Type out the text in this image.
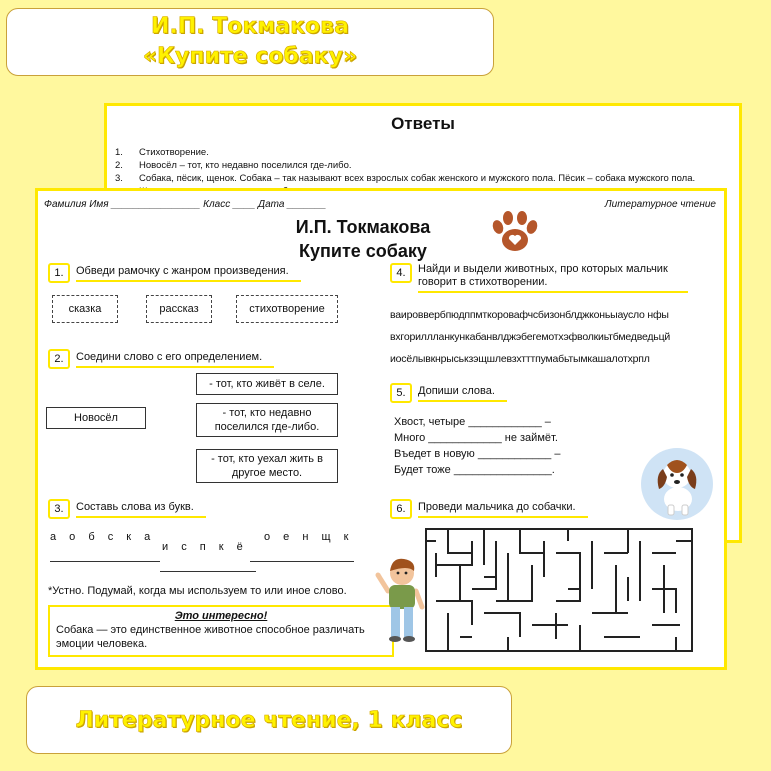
И.П. Токмакова
«Купите собаку»
Ответы
1. Стихотворение.
2. Новосёл – тот, кто недавно поселился где-либо.
3. Собака, пёсик, щенок. Собака – так называют всех взрослых собак женского и мужского пола. Пёсик – собака мужского пола.
Фамилия Имя ________________ Класс ____ Дата _______	Литературное чтение
И.П. Токмакова
Купите собаку
1.	Обведи рамочку с жанром произведения.
сказка	рассказ	стихотворение
2.	Соедини слово с его определением.
Новосёл
- тот, кто живёт в селе.
- тот, кто недавно поселился где-либо.
- тот, кто уехал жить в другое место.
3.	Составь слова из букв.
а о б с к а
и с п к ё
о е н щ к
*Устно. Подумай, когда мы используем то или иное слово.
Это интересно!
Собака — это единственное животное способное различать эмоции человека.
4.	Найди и выдели животных, про которых мальчик говорит в стихотворении.
ваироввербпюдппмткоровафчсбизонблджконьыаусло нфы
вхгориллланкункабанвлджэбегемотхэфволкиьтбмедведьцй
иосёлывкнрыськзэщшлевзхтттпумабьтымкашалотхрпл
5.	Допиши слова.
Хвост, четыре ____________ –
Много ____________ не займёт.
Въедет в новую ____________ –
Будет тоже ________________.
6.	Проведи мальчика до собачки.
Литературное чтение, 1 класс
